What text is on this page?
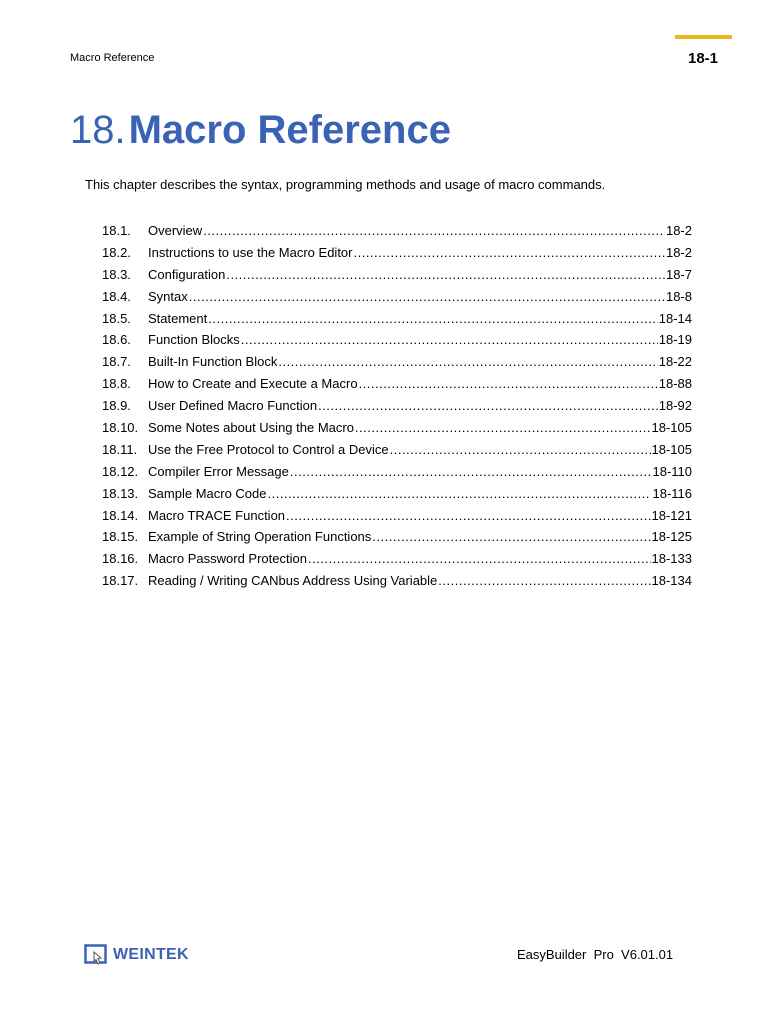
Macro Reference	18-1
18.Macro Reference
This chapter describes the syntax, programming methods and usage of macro commands.
18.1.	Overview .....	18-2
18.2.	Instructions to use the Macro Editor .....	18-2
18.3.	Configuration .....	18-7
18.4.	Syntax .....	18-8
18.5.	Statement .....	18-14
18.6.	Function Blocks .....	18-19
18.7.	Built-In Function Block .....	18-22
18.8.	How to Create and Execute a Macro .....	18-88
18.9.	User Defined Macro Function .....	18-92
18.10. Some Notes about Using the Macro .....	18-105
18.11. Use the Free Protocol to Control a Device .....	18-105
18.12. Compiler Error Message .....	18-110
18.13. Sample Macro Code .....	18-116
18.14. Macro TRACE Function .....	18-121
18.15. Example of String Operation Functions .....	18-125
18.16. Macro Password Protection .....	18-133
18.17. Reading / Writing CANbus Address Using Variable .....	18-134
WEINTEK	EasyBuilder  Pro  V6.01.01
